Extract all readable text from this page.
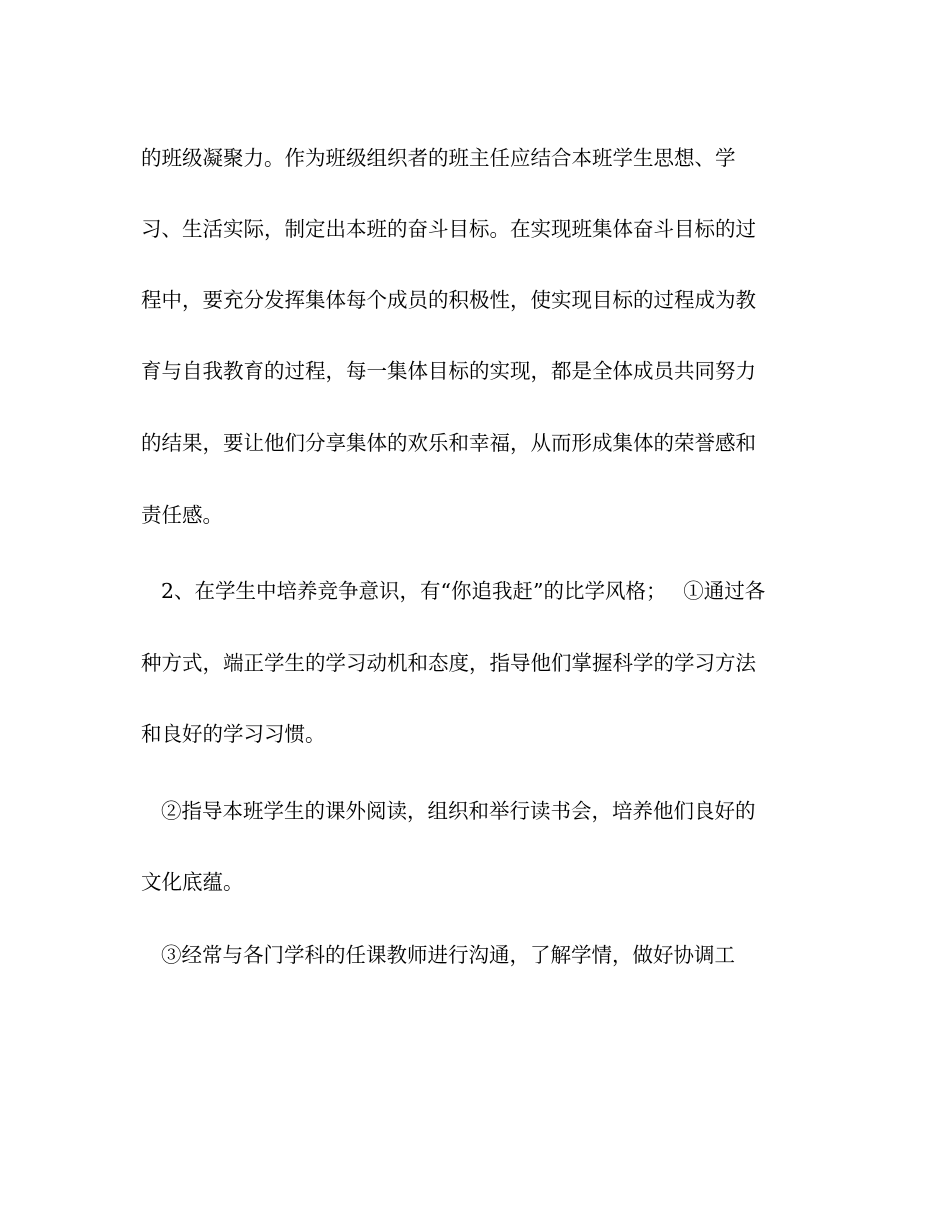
的班级凝聚力。作为班级组织者的班主任应结合本班学生思想、学

习、生活实际，制定出本班的奋斗目标。在实现班集体奋斗目标的过

程中，要充分发挥集体每个成员的积极性，使实现目标的过程成为教

育与自我教育的过程，每一集体目标的实现，都是全体成员共同努力

的结果，要让他们分享集体的欢乐和幸福，从而形成集体的荣誉感和

责任感。

2、在学生中培养竞争意识，有“你追我赶”的比学风格；　 ①通过各

种方式，端正学生的学习动机和态度，指导他们掌握科学的学习方法

和良好的学习习惯。

②指导本班学生的课外阅读，组织和举行读书会，培养他们良好的

文化底蕴。

③经常与各门学科的任课教师进行沟通，了解学情，做好协调工
